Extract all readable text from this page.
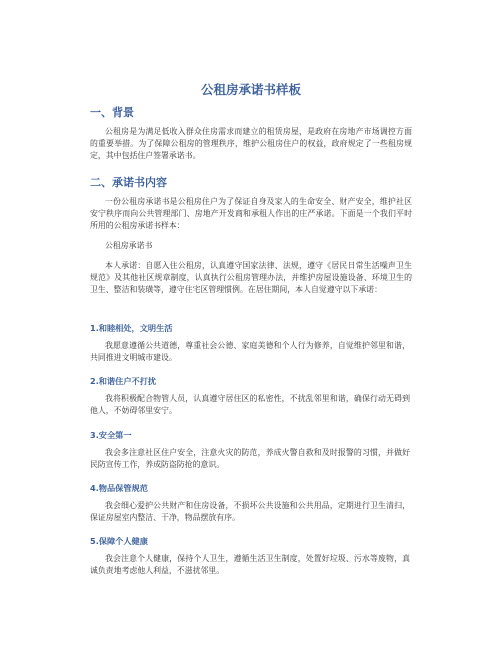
公租房承诺书样板
一、背景

公租房是为满足低收入群众住房需求而建立的租赁房屋，是政府在房地产市场调控方面的重要举措。为了保障公租房的管理秩序，维护公租房住户的权益，政府规定了一些租房规定，其中包括住户签署承诺书。

二、承诺书内容

一份公租房承诺书是公租房住户为了保证自身及家人的生命安全、财产安全，维护社区安宁秩序而向公共管理部门、房地产开发商和承租人作出的庄严承诺。下面是一个我们平时所用的公租房承诺书样本：

公租房承诺书

本人承诺：自愿入住公租房，认真遵守国家法律、法规，遵守《居民日常生活噪声卫生规范》及其他社区规章制度，认真执行公租房管理办法，并维护房屋设施设备、环境卫生的卫生、整洁和装璜等，遵守住宅区管理惯例。在居住期间，本人自觉遵守以下承诺：

1.和睦相处，文明生活

我愿意遵循公共道德，尊重社会公德、家庭美德和个人行为修养，自觉维护邻里和谐，共同推进文明城市建设。

2.和谐住户不打扰

我将积极配合物管人员，认真遵守居住区的私密性，不扰乱邻里和谐，确保行动无碍到他人，不妨碍邻里安宁。

3.安全第一

我会多注意社区住户安全，注意火灾的防范，养成火警自救和及时报警的习惯，并做好民防宣传工作，养成防盗防抢的意识。

4.物品保管规范

我会细心爱护公共财产和住房设备，不损坏公共设施和公共用品，定期进行卫生清扫，保证房屋室内整洁、干净，物品摆放有序。

5.保障个人健康

我会注意个人健康，保持个人卫生，遵循生活卫生制度，处置好垃圾、污水等废物，真诚负责地考虑他人利益，不滋扰邻里。
